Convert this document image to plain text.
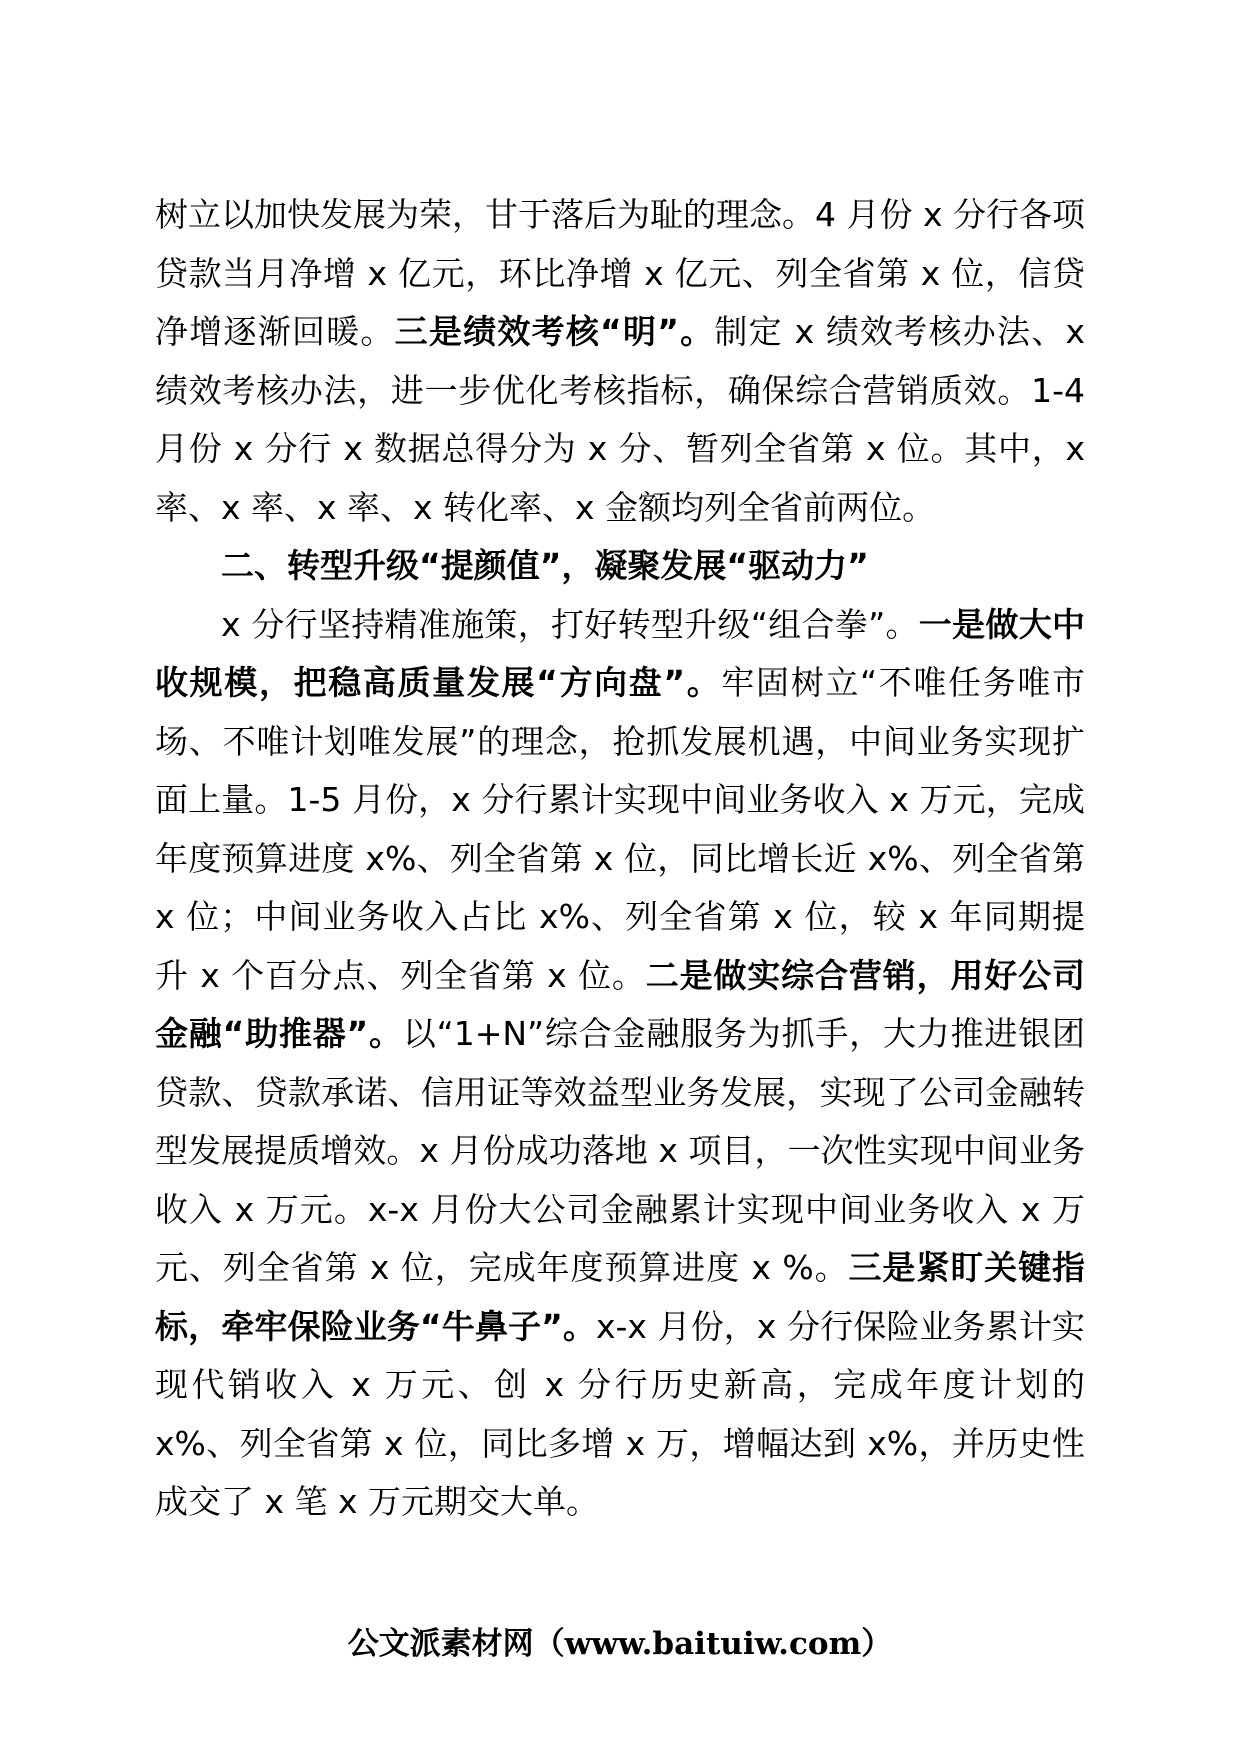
树立以加快发展为荣，甘于落后为耻的理念。4 月份 x 分行各项贷款当月净增 x 亿元，环比净增 x 亿元、列全省第 x 位，信贷净增逐渐回暖。三是绩效考核“明”。制定 x 绩效考核办法、x 绩效考核办法，进一步优化考核指标，确保综合营销质效。1-4 月份 x 分行 x 数据总得分为 x 分、暂列全省第 x 位。其中，x 率、x 率、x 率、x 转化率、x 金额均列全省前两位。

二、转型升级“提颜值”，凝聚发展“驱动力”

x 分行坚持精准施策，打好转型升级“组合拳”。一是做大中收规模，把稳高质量发展“方向盘”。牢固树立“不唯任务唯市场、不唯计划唯发展”的理念，抢抓发展机遇，中间业务实现扩面上量。1-5 月份，x 分行累计实现中间业务收入 x 万元，完成年度预算进度 x%、列全省第 x 位，同比增长近 x%、列全省第 x 位；中间业务收入占比 x%、列全省第 x 位，较 x 年同期提升 x 个百分点、列全省第 x 位。二是做实综合营销，用好公司金融“助推器”。以“1+N”综合金融服务为抓手，大力推进银团贷款、贷款承诺、信用证等效益型业务发展，实现了公司金融转型发展提质增效。x 月份成功落地 x 项目，一次性实现中间业务收入 x 万元。x-x 月份大公司金融累计实现中间业务收入 x 万元、列全省第 x 位，完成年度预算进度 x %。三是紧盯关键指标，牵牢保险业务“牛鼻子”。x-x 月份，x 分行保险业务累计实现代销收入 x 万元、创 x 分行历史新高，完成年度计划的 x%、列全省第 x 位，同比多增 x 万，增幅达到 x%，并历史性成交了 x 笔 x 万元期交大单。

公文派素材网（www.baituiw.com）
